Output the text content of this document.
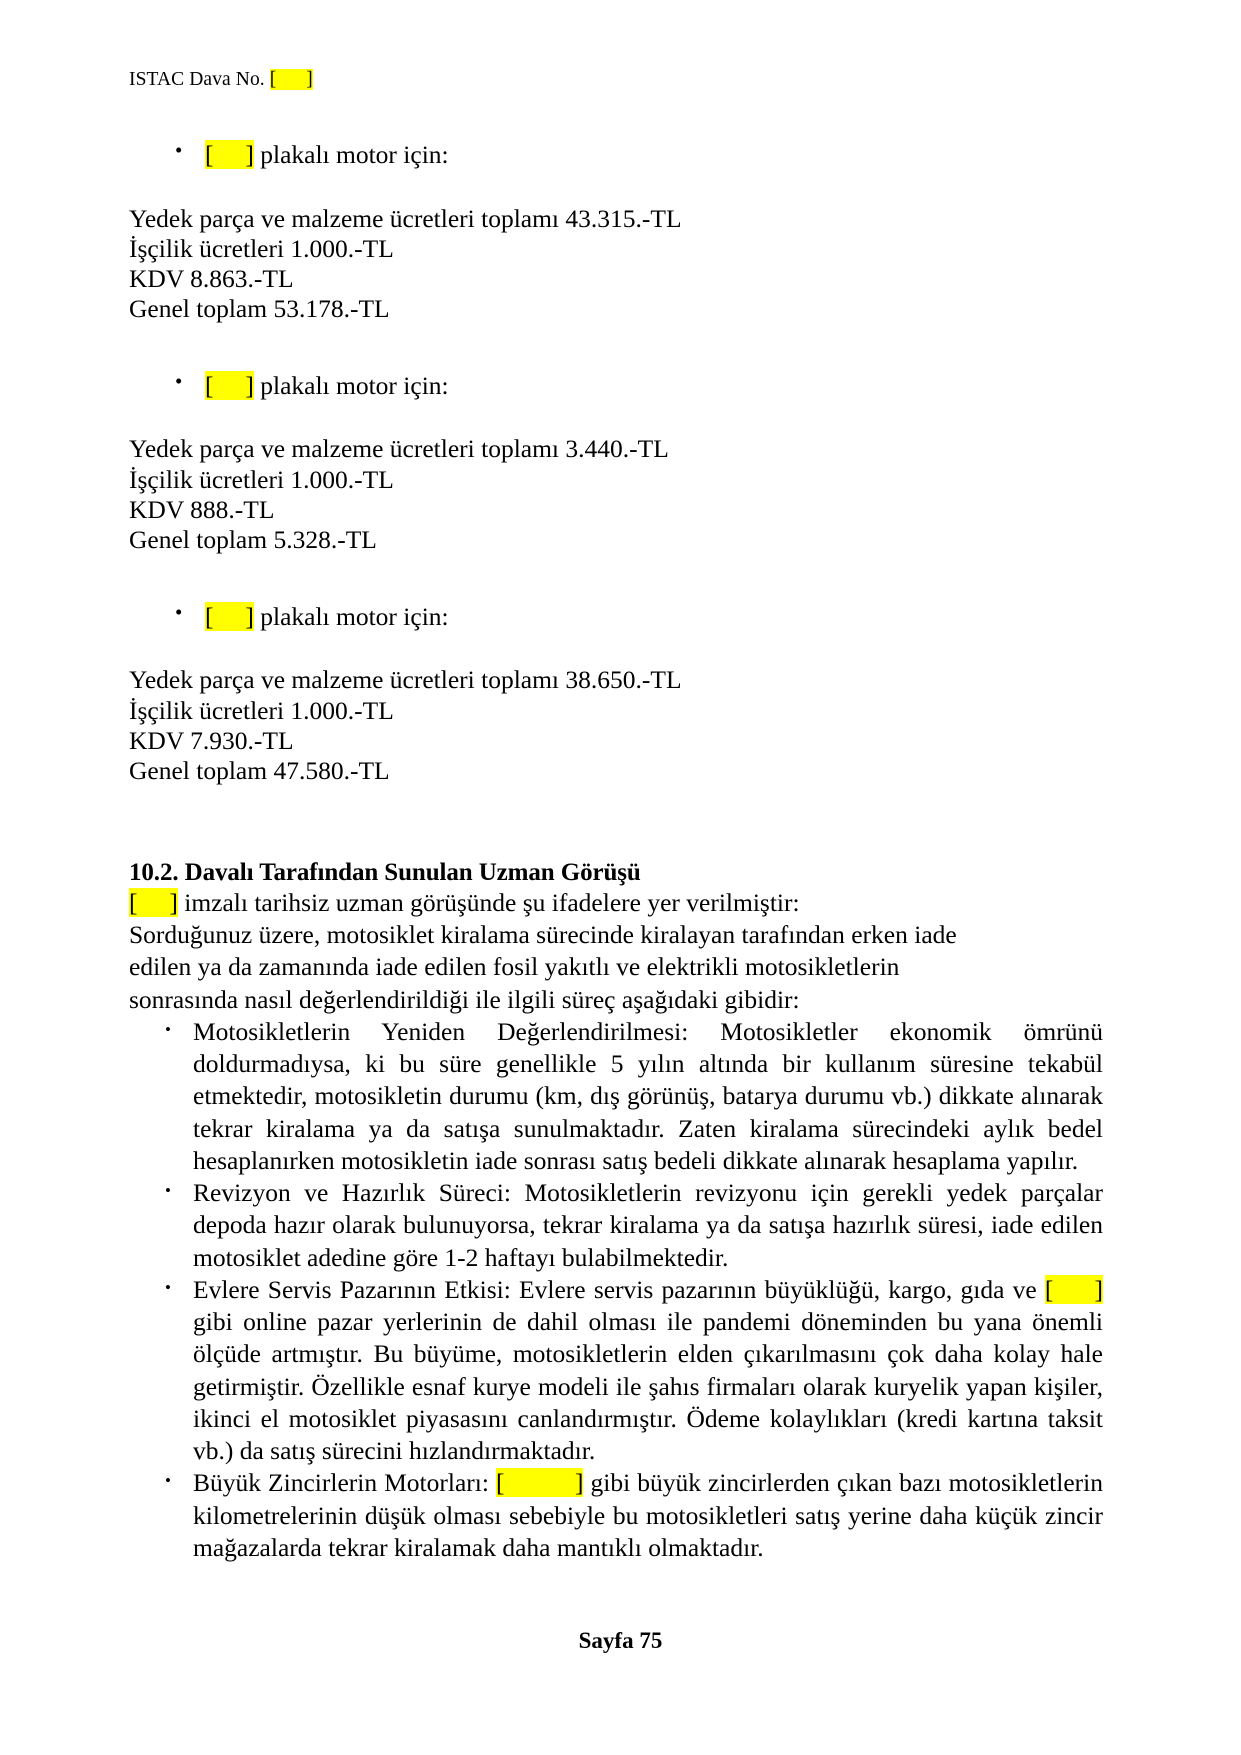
ISTAC Dava No. [ ]
• [ ] plakalı motor için:
Yedek parça ve malzeme ücretleri toplamı 43.315.-TL
İşçilik ücretleri 1.000.-TL
KDV 8.863.-TL
Genel toplam 53.178.-TL
• [ ] plakalı motor için:
Yedek parça ve malzeme ücretleri toplamı 3.440.-TL
İşçilik ücretleri 1.000.-TL
KDV 888.-TL
Genel toplam 5.328.-TL
• [ ] plakalı motor için:
Yedek parça ve malzeme ücretleri toplamı 38.650.-TL
İşçilik ücretleri 1.000.-TL
KDV 7.930.-TL
Genel toplam 47.580.-TL
10.2. Davalı Tarafından Sunulan Uzman Görüşü
[ ] imzalı tarihsiz uzman görüşünde şu ifadelere yer verilmiştir:
Sorduğunuz üzere, motosiklet kiralama sürecinde kiralayan tarafından erken iade
edilen ya da zamanında iade edilen fosil yakıtlı ve elektrikli motosikletlerin
sonrasında nasıl değerlendirildiği ile ilgili süreç aşağıdaki gibidir:
• Motosikletlerin Yeniden Değerlendirilmesi: Motosikletler ekonomik ömrünü doldurmadıysa, ki bu süre genellikle 5 yılın altında bir kullanım süresine tekabül etmektedir, motosikletin durumu (km, dış görünüş, batarya durumu vb.) dikkate alınarak tekrar kiralama ya da satışa sunulmaktadır. Zaten kiralama sürecindeki aylık bedel hesaplanırken motosikletin iade sonrası satış bedeli dikkate alınarak hesaplama yapılır.
• Revizyon ve Hazırlık Süreci: Motosikletlerin revizyonu için gerekli yedek parçalar depoda hazır olarak bulunuyorsa, tekrar kiralama ya da satışa hazırlık süresi, iade edilen motosiklet adedine göre 1-2 haftayı bulabilmektedir.
• Evlere Servis Pazarının Etkisi: Evlere servis pazarının büyüklüğü, kargo, gıda ve [ ] gibi online pazar yerlerinin de dahil olması ile pandemi döneminden bu yana önemli ölçüde artmıştır. Bu büyüme, motosikletlerin elden çıkarılmasını çok daha kolay hale getirmiştir. Özellikle esnaf kurye modeli ile şahıs firmaları olarak kuryelik yapan kişiler, ikinci el motosiklet piyasasını canlandırmıştır. Ödeme kolaylıkları (kredi kartına taksit vb.) da satış sürecini hızlandırmaktadır.
• Büyük Zincirlerin Motorları: [	] gibi büyük zincirlerden çıkan bazı motosikletlerin kilometrelerinin düşük olması sebebiyle bu motosikletleri satış yerine daha küçük zincir mağazalarda tekrar kiralamak daha mantıklı olmaktadır.
Sayfa 75
